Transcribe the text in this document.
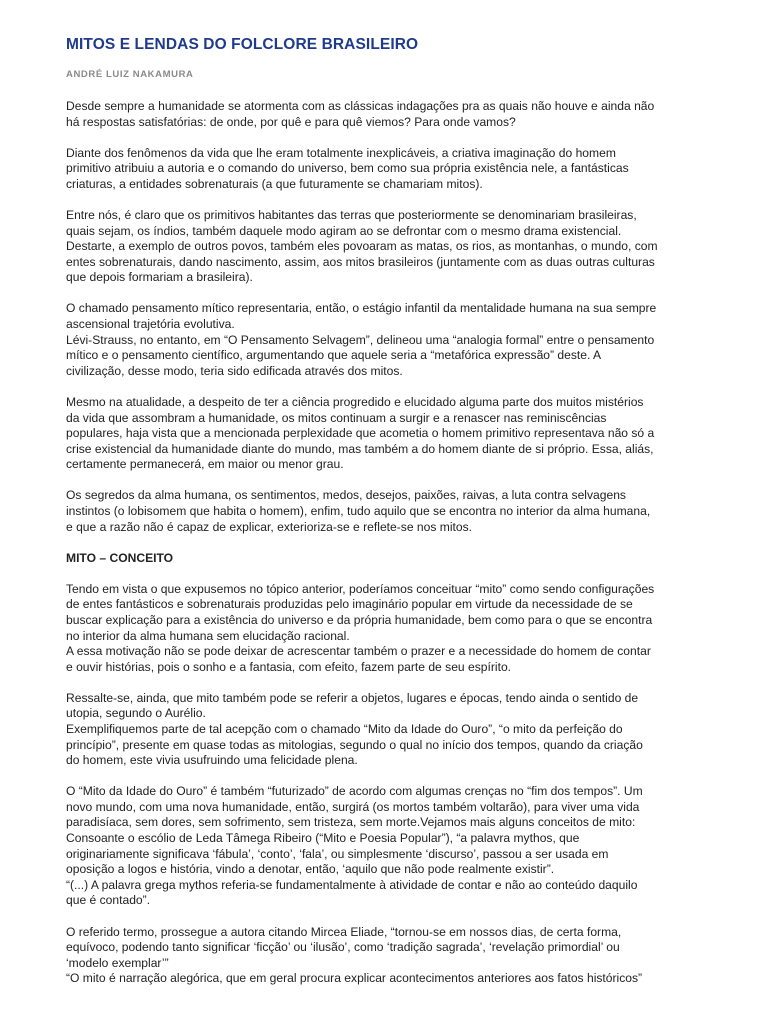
MITOS E LENDAS DO FOLCLORE BRASILEIRO
ANDRÉ LUIZ NAKAMURA
Desde sempre a humanidade se atormenta com as clássicas indagações pra as quais não houve e ainda não
há respostas satisfatórias: de onde, por quê e para quê viemos? Para onde vamos?
Diante dos fenômenos da vida que lhe eram totalmente inexplicáveis, a criativa imaginação do homem
primitivo atribuiu a autoria e o comando do universo, bem como sua própria existência nele, a fantásticas
criaturas, a entidades sobrenaturais (a que futuramente se chamariam mitos).
Entre nós, é claro que os primitivos habitantes das terras que posteriormente se denominariam brasileiras,
quais sejam, os índios, também daquele modo agiram ao se defrontar com o mesmo drama existencial.
Destarte, a exemplo de outros povos, também eles povoaram as matas, os rios, as montanhas, o mundo, com
entes sobrenaturais, dando nascimento, assim, aos mitos brasileiros (juntamente com as duas outras culturas
que depois formariam a brasileira).
O chamado pensamento mítico representaria, então, o estágio infantil da mentalidade humana na sua sempre
ascensional trajetória evolutiva.
Lévi-Strauss, no entanto, em “O Pensamento Selvagem”, delineou uma “analogia formal” entre o pensamento
mítico e o pensamento científico, argumentando que aquele seria a “metafórica expressão” deste. A
civilização, desse modo, teria sido edificada através dos mitos.
Mesmo na atualidade, a despeito de ter a ciência progredido e elucidado alguma parte dos muitos mistérios
da vida que assombram a humanidade, os mitos continuam a surgir e a renascer nas reminiscências
populares, haja vista que a mencionada perplexidade que acometia o homem primitivo representava não só a
crise existencial da humanidade diante do mundo, mas também a do homem diante de si próprio. Essa, aliás,
certamente permanecerá, em maior ou menor grau.
Os segredos da alma humana, os sentimentos, medos, desejos, paixões, raivas, a luta contra selvagens
instintos (o lobisomem que habita o homem), enfim, tudo aquilo que se encontra no interior da alma humana,
e que a razão não é capaz de explicar, exterioriza-se e reflete-se nos mitos.
MITO – CONCEITO
Tendo em vista o que expusemos no tópico anterior, poderíamos conceituar “mito” como sendo configurações
de entes fantásticos e sobrenaturais produzidas pelo imaginário popular em virtude da necessidade de se
buscar explicação para a existência do universo e da própria humanidade, bem como para o que se encontra
no interior da alma humana sem elucidação racional.
A essa motivação não se pode deixar de acrescentar também o prazer e a necessidade do homem de contar
e ouvir histórias, pois o sonho e a fantasia, com efeito, fazem parte de seu espírito.
Ressalte-se, ainda, que mito também pode se referir a objetos, lugares e épocas, tendo ainda o sentido de
utopia, segundo o Aurélio.
Exemplifiquemos parte de tal acepção com o chamado “Mito da Idade do Ouro”, “o mito da perfeição do
princípio”, presente em quase todas as mitologias, segundo o qual no início dos tempos, quando da criação
do homem, este vivia usufruindo uma felicidade plena.
O “Mito da Idade do Ouro” é também “futurizado” de acordo com algumas crenças no “fim dos tempos”. Um
novo mundo, com uma nova humanidade, então, surgirá (os mortos também voltarão), para viver uma vida
paradisíaca, sem dores, sem sofrimento, sem tristeza, sem morte.Vejamos mais alguns conceitos de mito:
Consoante o escólio de Leda Tâmega Ribeiro (“Mito e Poesia Popular”), “a palavra mythos, que
originariamente significava ‘fábula’, ‘conto’, ‘fala’, ou simplesmente ‘discurso’, passou a ser usada em
oposição a logos e história, vindo a denotar, então, ‘aquilo que não pode realmente existir”.
“(...) A palavra grega mythos referia-se fundamentalmente à atividade de contar e não ao conteúdo daquilo
que é contado”.
O referido termo, prossegue a autora citando Mircea Eliade, “tornou-se em nossos dias, de certa forma,
equívoco, podendo tanto significar ‘ficção’ ou ‘ilusão’, como ‘tradição sagrada’, ‘revelação primordial’ ou
‘modelo exemplar’”
“O mito é narração alegórica, que em geral procura explicar acontecimentos anteriores aos fatos históricos”
